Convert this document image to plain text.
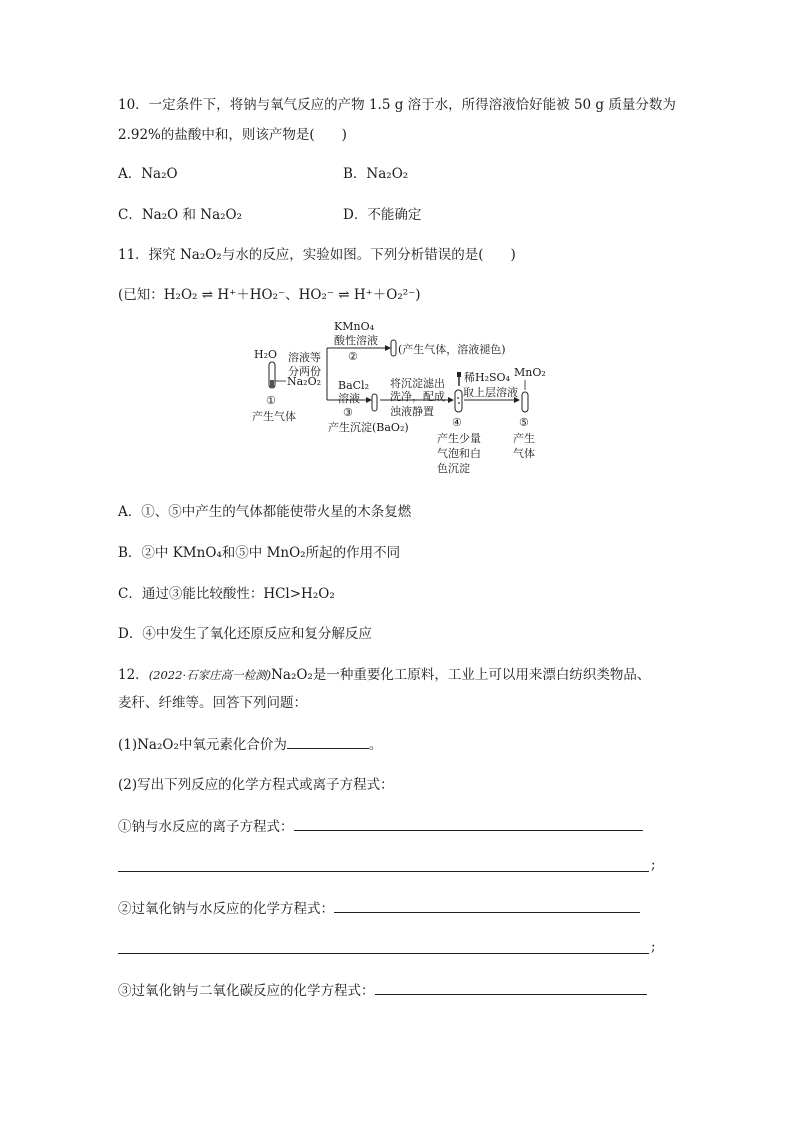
10．一定条件下，将钠与氧气反应的产物 1.5 g 溶于水，所得溶液恰好能被 50 g 质量分数为
2.92%的盐酸中和，则该产物是(　　)
A．Na₂O	B．Na₂O₂
C．Na₂O 和 Na₂O₂	D．不能确定
11．探究 Na₂O₂与水的反应，实验如图。下列分析错误的是(　　)
(已知：H₂O₂ ⇌ H⁺＋HO₂⁻、HO₂⁻ ⇌ H⁺＋O₂²⁻)
H₂O
Na₂O₂
①
产生气体
溶液等
分两份
KMnO₄
酸性溶液
②
(产生气体，溶液褪色)
BaCl₂
溶液
③
产生沉淀(BaO₂)
将沉淀滤出
洗净，配成
浊液静置
稀H₂SO₄
④
产生少量
气泡和白
色沉淀
取上层溶液
MnO₂
⑤
产生
气体
A．①、⑤中产生的气体都能使带火星的木条复燃
B．②中 KMnO₄和⑤中 MnO₂所起的作用不同
C．通过③能比较酸性：HCl>H₂O₂
D．④中发生了氧化还原反应和复分解反应
12．(2022·石家庄高一检测)Na₂O₂是一种重要化工原料，工业上可以用来漂白纺织类物品、
麦秆、纤维等。回答下列问题：
(1)Na₂O₂中氧元素化合价为	。
(2)写出下列反应的化学方程式或离子方程式：
①钠与水反应的离子方程式：
;
②过氧化钠与水反应的化学方程式：
;
③过氧化钠与二氧化碳反应的化学方程式：
